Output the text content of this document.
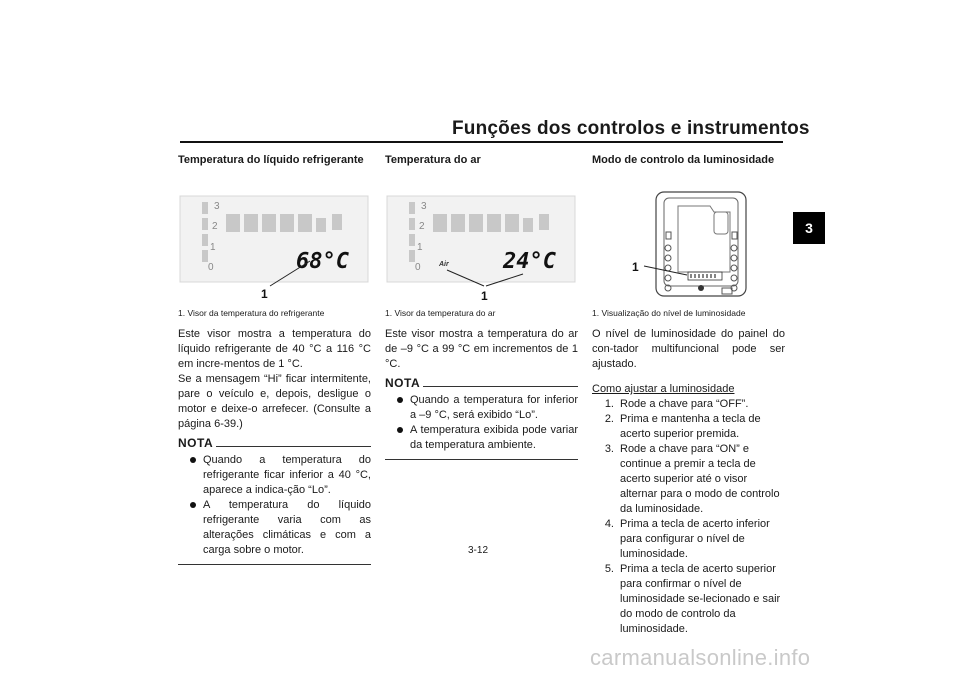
Funções dos controlos e instrumentos
3
Temperatura do líquido refrigerante
3
2
1
0	68°C
1
1. Visor da temperatura do refrigerante

Este visor mostra a temperatura do líquido refrigerante de 40 °C a 116 °C em incre-mentos de 1 °C.

Se a mensagem “Hi” ficar intermitente, pare o veículo e, depois, desligue o motor e deixe-o arrefecer. (Consulte a página 6-39.)

NOTA
Quando a temperatura do refrigerante ficar inferior a 40 °C, aparece a indica-ção “Lo”.
A temperatura do líquido refrigerante varia com as alterações climáticas e com a carga sobre o motor.
Temperatura do ar
3
2
1
0	Air 24°C
1
1. Visor da temperatura do ar

Este visor mostra a temperatura do ar de –9 °C a 99 °C em incrementos de 1 °C.

NOTA
Quando a temperatura for inferior a –9 °C, será exibido “Lo”.
A temperatura exibida pode variar da temperatura ambiente.
Modo de controlo da luminosidade
1
1. Visualização do nível de luminosidade

O nível de luminosidade do painel do con-tador multifuncional pode ser ajustado.

Como ajustar a luminosidade
1. Rode a chave para “OFF”.
2. Prima e mantenha a tecla de acerto superior premida.
3. Rode a chave para “ON” e continue a premir a tecla de acerto superior até o visor alternar para o modo de controlo da luminosidade.
4. Prima a tecla de acerto inferior para configurar o nível de luminosidade.
5. Prima a tecla de acerto superior para confirmar o nível de luminosidade se-lecionado e sair do modo de controlo da luminosidade.
3-12
carmanualsonline.info
